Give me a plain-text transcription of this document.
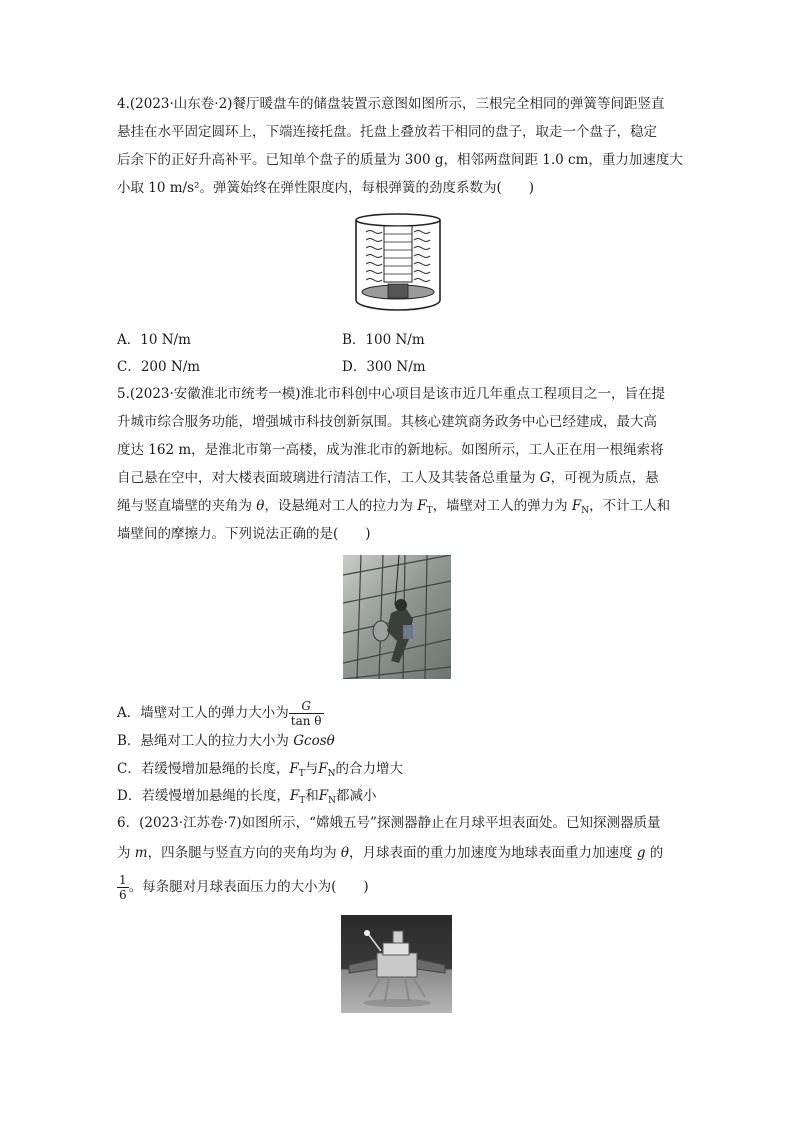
4.(2023·山东卷·2)餐厅暖盘车的储盘装置示意图如图所示，三根完全相同的弹簧等间距竖直
悬挂在水平固定圆环上，下端连接托盘。托盘上叠放若干相同的盘子，取走一个盘子，稳定
后余下的正好升高补平。已知单个盘子的质量为 300 g，相邻两盘间距 1.0 cm，重力加速度大
小取 10 m/s²。弹簧始终在弹性限度内，每根弹簧的劲度系数为(　　)
A．10 N/m	B．100 N/m
C．200 N/m	D．300 N/m
5.(2023·安徽淮北市统考一模)淮北市科创中心项目是该市近几年重点工程项目之一，旨在提
升城市综合服务功能，增强城市科技创新氛围。其核心建筑商务政务中心已经建成，最大高
度达 162 m，是淮北市第一高楼，成为淮北市的新地标。如图所示，工人正在用一根绳索将
自己悬在空中，对大楼表面玻璃进行清洁工作，工人及其装备总重量为 G，可视为质点，悬
绳与竖直墙壁的夹角为 θ，设悬绳对工人的拉力为 $F_T$，墙壁对工人的弹力为 $F_N$，不计工人和
墙壁间的摩擦力。下列说法正确的是(　　)
A．墙壁对工人的弹力大小为 $\frac{G}{\text{tan θ}}$
B．悬绳对工人的拉力大小为 Gcosθ
C．若缓慢增加悬绳的长度，$F_T$与$F_N$的合力增大
D．若缓慢增加悬绳的长度，$F_T$和$F_N$都减小
6．(2023·江苏卷·7)如图所示，“嫦娥五号”探测器静止在月球平坦表面处。已知探测器质量
为 m，四条腿与竖直方向的夹角均为 θ，月球表面的重力加速度为地球表面重力加速度 g 的
$\frac{1}{6}$ 。每条腿对月球表面压力的大小为(　　)
